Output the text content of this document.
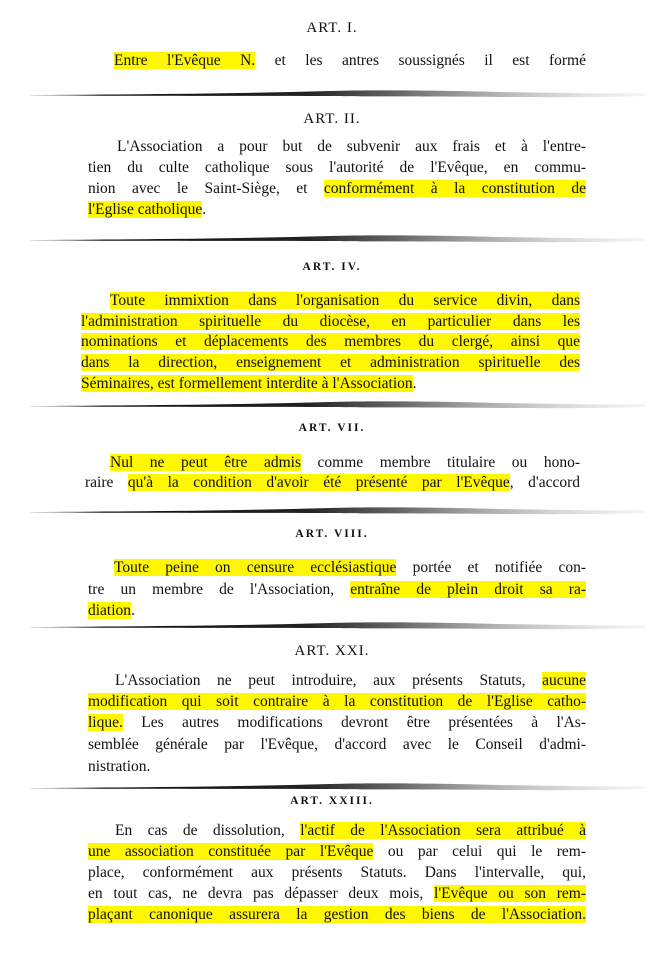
ART. I.
Entre l'Evêque N. et les antres soussignés il est formé
ART. II.
L'Association a pour but de subvenir aux frais et à l'entre-
tien du culte catholique sous l'autorité de l'Evêque, en commu-
nion avec le Saint-Siège, et conformément à la constitution de
l'Eglise catholique.
ART. IV.
Toute immixtion dans l'organisation du service divin, dans
l'administration spirituelle du diocèse, en particulier dans les
nominations et déplacements des membres du clergé, ainsi que
dans la direction, enseignement et administration spirituelle des
Séminaires, est formellement interdite à l'Association.
ART. VII.
Nul ne peut être admis comme membre titulaire ou hono-
raire qu'à la condition d'avoir été présenté par l'Evêque, d'accord
ART. VIII.
Toute peine on censure ecclésiastique portée et notifiée con-
tre un membre de l'Association, entraîne de plein droit sa ra-
diation.
ART. XXI.
L'Association ne peut introduire, aux présents Statuts, aucune
modification qui soit contraire à la constitution de l'Eglise catho-
lique. Les autres modifications devront être présentées à l'As-
semblée générale par l'Evêque, d'accord avec le Conseil d'admi-
nistration.
ART. XXIII.
En cas de dissolution, l'actif de l'Association sera attribué à
une association constituée par l'Evêque ou par celui qui le rem-
place, conformément aux présents Statuts. Dans l'intervalle, qui,
en tout cas, ne devra pas dépasser deux mois, l'Evêque ou son rem-
plaçant canonique assurera la gestion des biens de l'Association.
